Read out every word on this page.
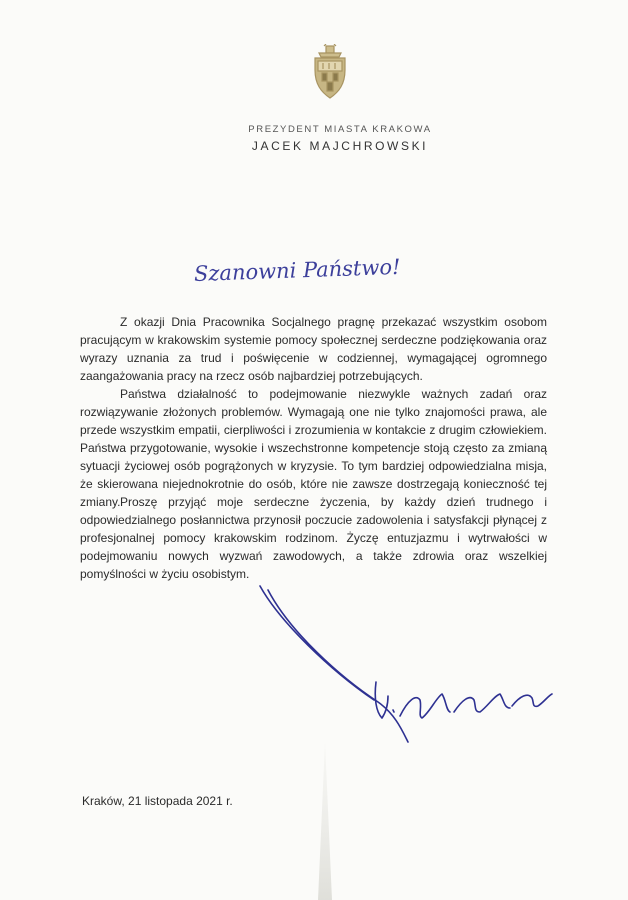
PREZYDENT MIASTA KRAKOWA
JACEK MAJCHROWSKI
Szanowni Państwo!

Z okazji Dnia Pracownika Socjalnego pragnę przekazać wszystkim osobom pracującym w krakowskim systemie pomocy społecznej serdeczne podziękowania oraz wyrazy uznania za trud i poświęcenie w codziennej, wymagającej ogromnego zaangażowania pracy na rzecz osób najbardziej potrzebujących.

Państwa działalność to podejmowanie niezwykle ważnych zadań oraz rozwiązywanie złożonych problemów. Wymagają one nie tylko znajomości prawa, ale przede wszystkim empatii, cierpliwości i zrozumienia w kontakcie z drugim człowiekiem. Państwa przygotowanie, wysokie i wszechstronne kompetencje stoją często za zmianą sytuacji życiowej osób pogrążonych w kryzysie. To tym bardziej odpowiedzialna misja, że skierowana niejednokrotnie do osób, które nie zawsze dostrzegają konieczność tej zmiany. Proszę przyjąć moje serdeczne życzenia, by każdy dzień trudnego i odpowiedzialnego posłannictwa przynosił poczucie zadowolenia i satysfakcji płynącej z profesjonalnej pomocy krakowskim rodzinom. Życzę entuzjazmu i wytrwałości w podejmowaniu nowych wyzwań zawodowych, a także zdrowia oraz wszelkiej pomyślności w życiu osobistym.

Kraków, 21 listopada 2021 r.
